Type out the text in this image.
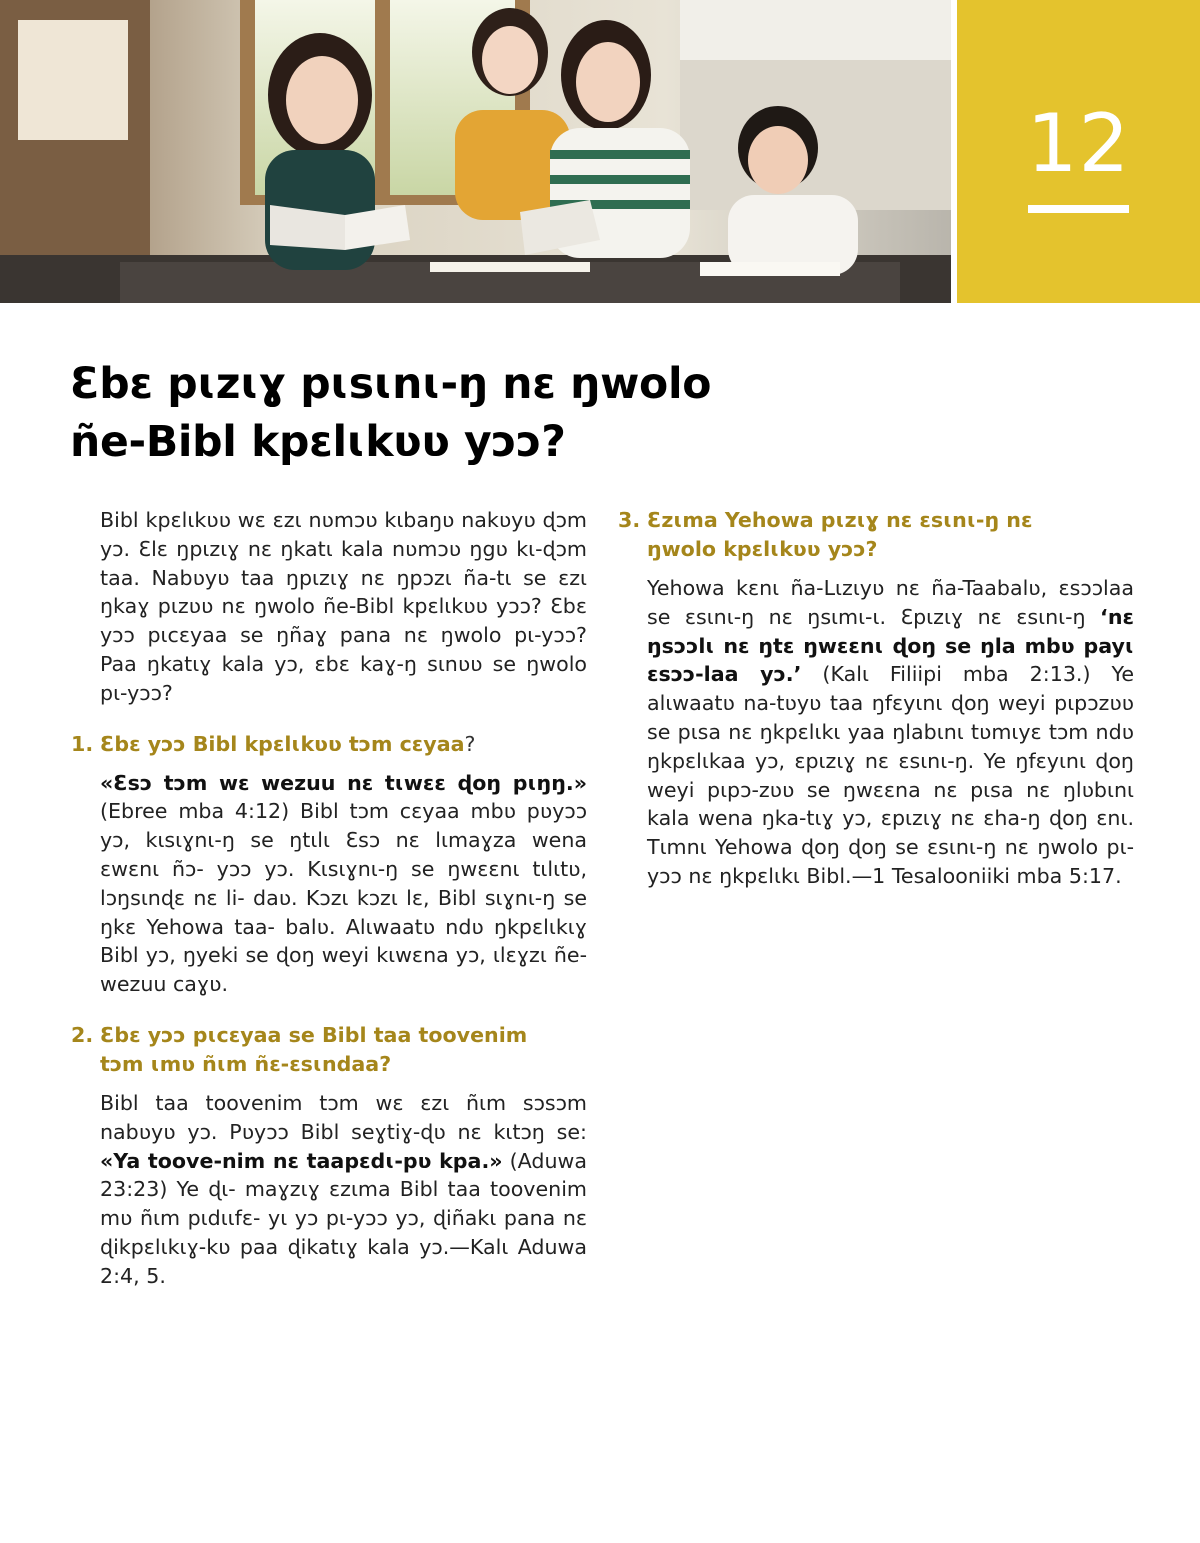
12
Ɛbɛ pɩzɩɣ pɩsɩnɩ-ŋ nɛ ŋwolo
ñe-Bibl kpɛlɩkʋʋ yɔɔ?

Bibl kpɛlɩkʋʋ wɛ ɛzɩ nʋmɔʋ kɩbaŋʋ nakʋyʋ ɖɔm yɔ. Ɛlɛ ŋpɩzɩɣ nɛ ŋkatɩ kala nʋmɔʋ ŋgʋ kɩ-ɖɔm taa. Nabʋyʋ taa ŋpɩzɩɣ nɛ ŋpɔzɩ ña-tɩ se ɛzɩ ŋkaɣ pɩzʋʋ nɛ ŋwolo ñe-Bibl kpɛlɩkʋʋ yɔɔ? Ɛbɛ yɔɔ pɩcɛyaa se ŋñaɣ pana nɛ ŋwolo pɩ-yɔɔ? Paa ŋkatɩɣ kala yɔ, ɛbɛ kaɣ-ŋ sɩnʋʋ se ŋwolo pɩ-yɔɔ?

1. Ɛbɛ yɔɔ Bibl kpɛlɩkʋʋ tɔm cɛyaa?

«Ɛsɔ tɔm wɛ wezuu nɛ tɩwɛɛ ɖoŋ pɩŋŋ.» (Ebree mba 4:12) Bibl tɔm cɛyaa mbʋ pʋyɔɔ yɔ, kɩsɩɣnɩ-ŋ se ŋtɩlɩ Ɛsɔ nɛ lɩmaɣza wena ɛwɛnɩ ñɔ- yɔɔ yɔ. Kɩsɩɣnɩ-ŋ se ŋwɛɛnɩ tɩlɩtʋ, lɔŋsɩnɖɛ nɛ li- daʋ. Kɔzɩ kɔzɩ lɛ, Bibl sɩɣnɩ-ŋ se ŋkɛ Yehowa taa- balʋ. Alɩwaatʋ ndʋ ŋkpɛlɩkɩɣ Bibl yɔ, ŋyeki se ɖoŋ weyi kɩwɛna yɔ, ɩlɛɣzɩ ñe-wezuu caɣʋ.

2. Ɛbɛ yɔɔ pɩcɛyaa se Bibl taa toovenim
tɔm ɩmʋ ñɩm ñɛ-ɛsɩndaa?

Bibl taa toovenim tɔm wɛ ɛzɩ ñɩm sɔsɔm nabʋyʋ yɔ. Pʋyɔɔ Bibl seɣtiɣ-ɖʋ nɛ kɩtɔŋ se: «Ya toove-nim nɛ taapɛdɩ-pʋ kpa.» (Aduwa 23:23) Ye ɖɩ- maɣzɩɣ ɛzɩma Bibl taa toovenim mʋ ñɩm pɩdɩɩfɛ- yɩ yɔ pɩ-yɔɔ yɔ, ɖiñakɩ pana nɛ ɖikpɛlɩkɩɣ-kʋ paa ɖikatɩɣ kala yɔ.—Kalɩ Aduwa 2:4, 5.

3. Ɛzɩma Yehowa pɩzɩɣ nɛ ɛsɩnɩ-ŋ nɛ
ŋwolo kpɛlɩkʋʋ yɔɔ?

Yehowa kɛnɩ ña-Lɩzɩyʋ nɛ ña-Taabalʋ, ɛsɔɔlaa se ɛsɩnɩ-ŋ nɛ ŋsɩmɩ-ɩ. Ɛpɩzɩɣ nɛ ɛsɩnɩ-ŋ ‘nɛ ŋsɔɔlɩ nɛ ŋtɛ ŋwɛɛnɩ ɖoŋ se ŋla mbʋ payɩ ɛsɔɔ-laa yɔ.’ (Kalɩ Filiipi mba 2:13.) Ye alɩwaatʋ na-tʋyʋ taa ŋfɛyɩnɩ ɖoŋ weyi pɩpɔzʋʋ se pɩsa nɛ ŋkpɛlɩkɩ yaa ŋlabɩnɩ tʋmɩyɛ tɔm ndʋ ŋkpɛlɩkaa yɔ, ɛpɩzɩɣ nɛ ɛsɩnɩ-ŋ. Ye ŋfɛyɩnɩ ɖoŋ weyi pɩpɔ-zʋʋ se ŋwɛɛna nɛ pɩsa nɛ ŋlʋbɩnɩ kala wena ŋka-tɩɣ yɔ, ɛpɩzɩɣ nɛ ɛha-ŋ ɖoŋ ɛnɩ. Tɩmnɩ Yehowa ɖoŋ ɖoŋ se ɛsɩnɩ-ŋ nɛ ŋwolo pɩ-yɔɔ nɛ ŋkpɛlɩkɩ Bibl.—1 Tesalooniiki mba 5:17.
